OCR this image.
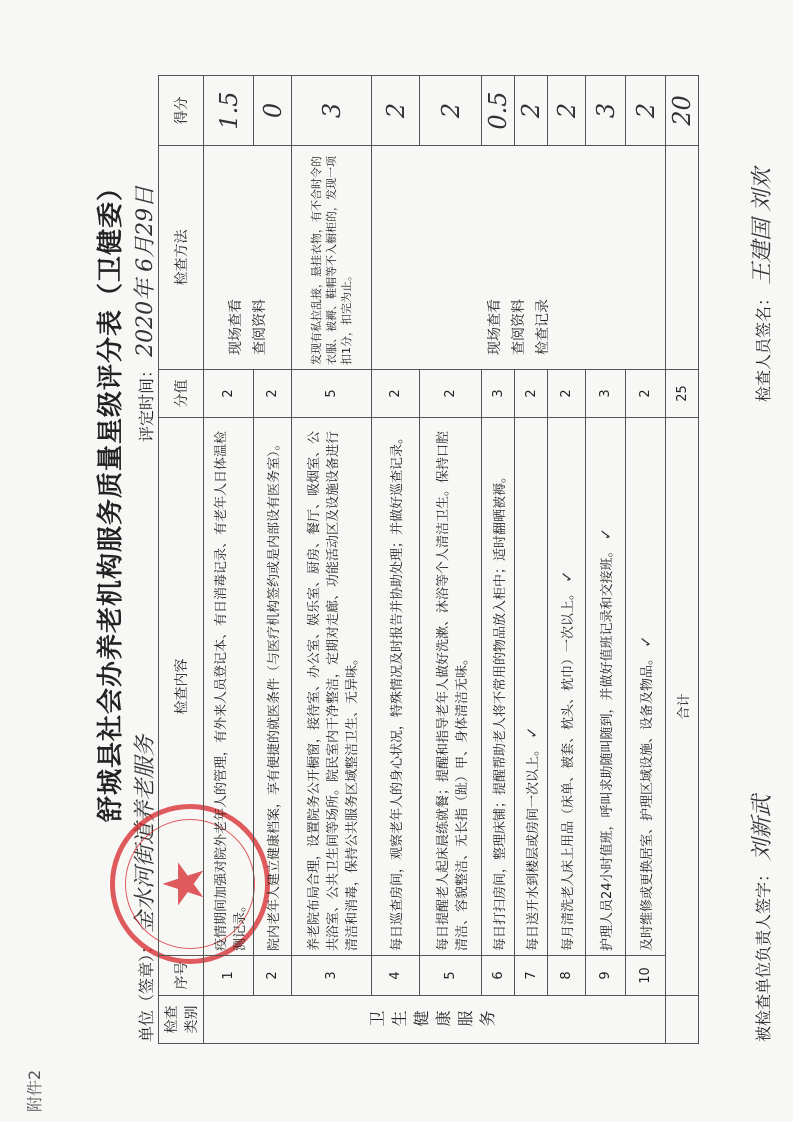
附件2
舒城县社会办养老机构服务质量星级评分表（卫健委）
单位（签章）： 金水河街道养老服务
★
评定时间： 2020年 6月29日
检查类别	序号	检查内容	分值	检查方法	得分
卫生健康服务	1	疫情期间加强对院外老年人的管理，有外来人员登记本、有日消毒记录、有老年人日体温检测记录。	2	现场查看 查阅资料	1.5
	2	院内老年人建立健康档案，享有便捷的就医条件（与医疗机构签约或是内部设有医务室）。	2		0
	3	养老院布局合理，设置院务公开橱窗，接待室、办公室、娱乐室、厨房、餐厅、吸烟室、公共浴室、公共卫生间等场所。院民室内干净整洁，定期对走廊、功能活动区及设施设备进行清洁和消毒，保持公共服务区域整洁卫生、无异味。	5	发现有私拉乱接，悬挂衣物，有不合时令的衣服、被褥、鞋帽等不入橱柜的，发现一项扣1分，扣完为止。	3
	4	每日巡查房间，观察老年人的身心状况，特殊情况及时报告并协助处理；并做好巡查记录。	2	现场查看 查阅资料 检查记录	2
	5	每日提醒老人起床晨练就餐；提醒和指导老年人做好洗漱、沐浴等个人清洁卫生。保持口腔清洁、容貌整洁、无长指（趾）甲、身体清洁无味。	2		2
	6	每日打扫房间，整理床铺；提醒帮助老人将不常用的物品放入柜中；适时翻晒被褥。	3		0.5
	7	每日送开水到楼层或房间一次以上。 ✓	2		2
	8	每月清洗老人床上用品（床单、被套、枕头、枕巾）一次以上。 ✓	2		2
	9	护理人员24小时值班，呼叫求助随叫随到，并做好值班记录和交接班。 ✓	3		3
	10	及时维修或更换居室、护理区域设施、设备及物品。 ✓	2		2
	合计		25		20
被检查单位负责人签字： 刘新武
检查人员签名： 王建国 刘欢
